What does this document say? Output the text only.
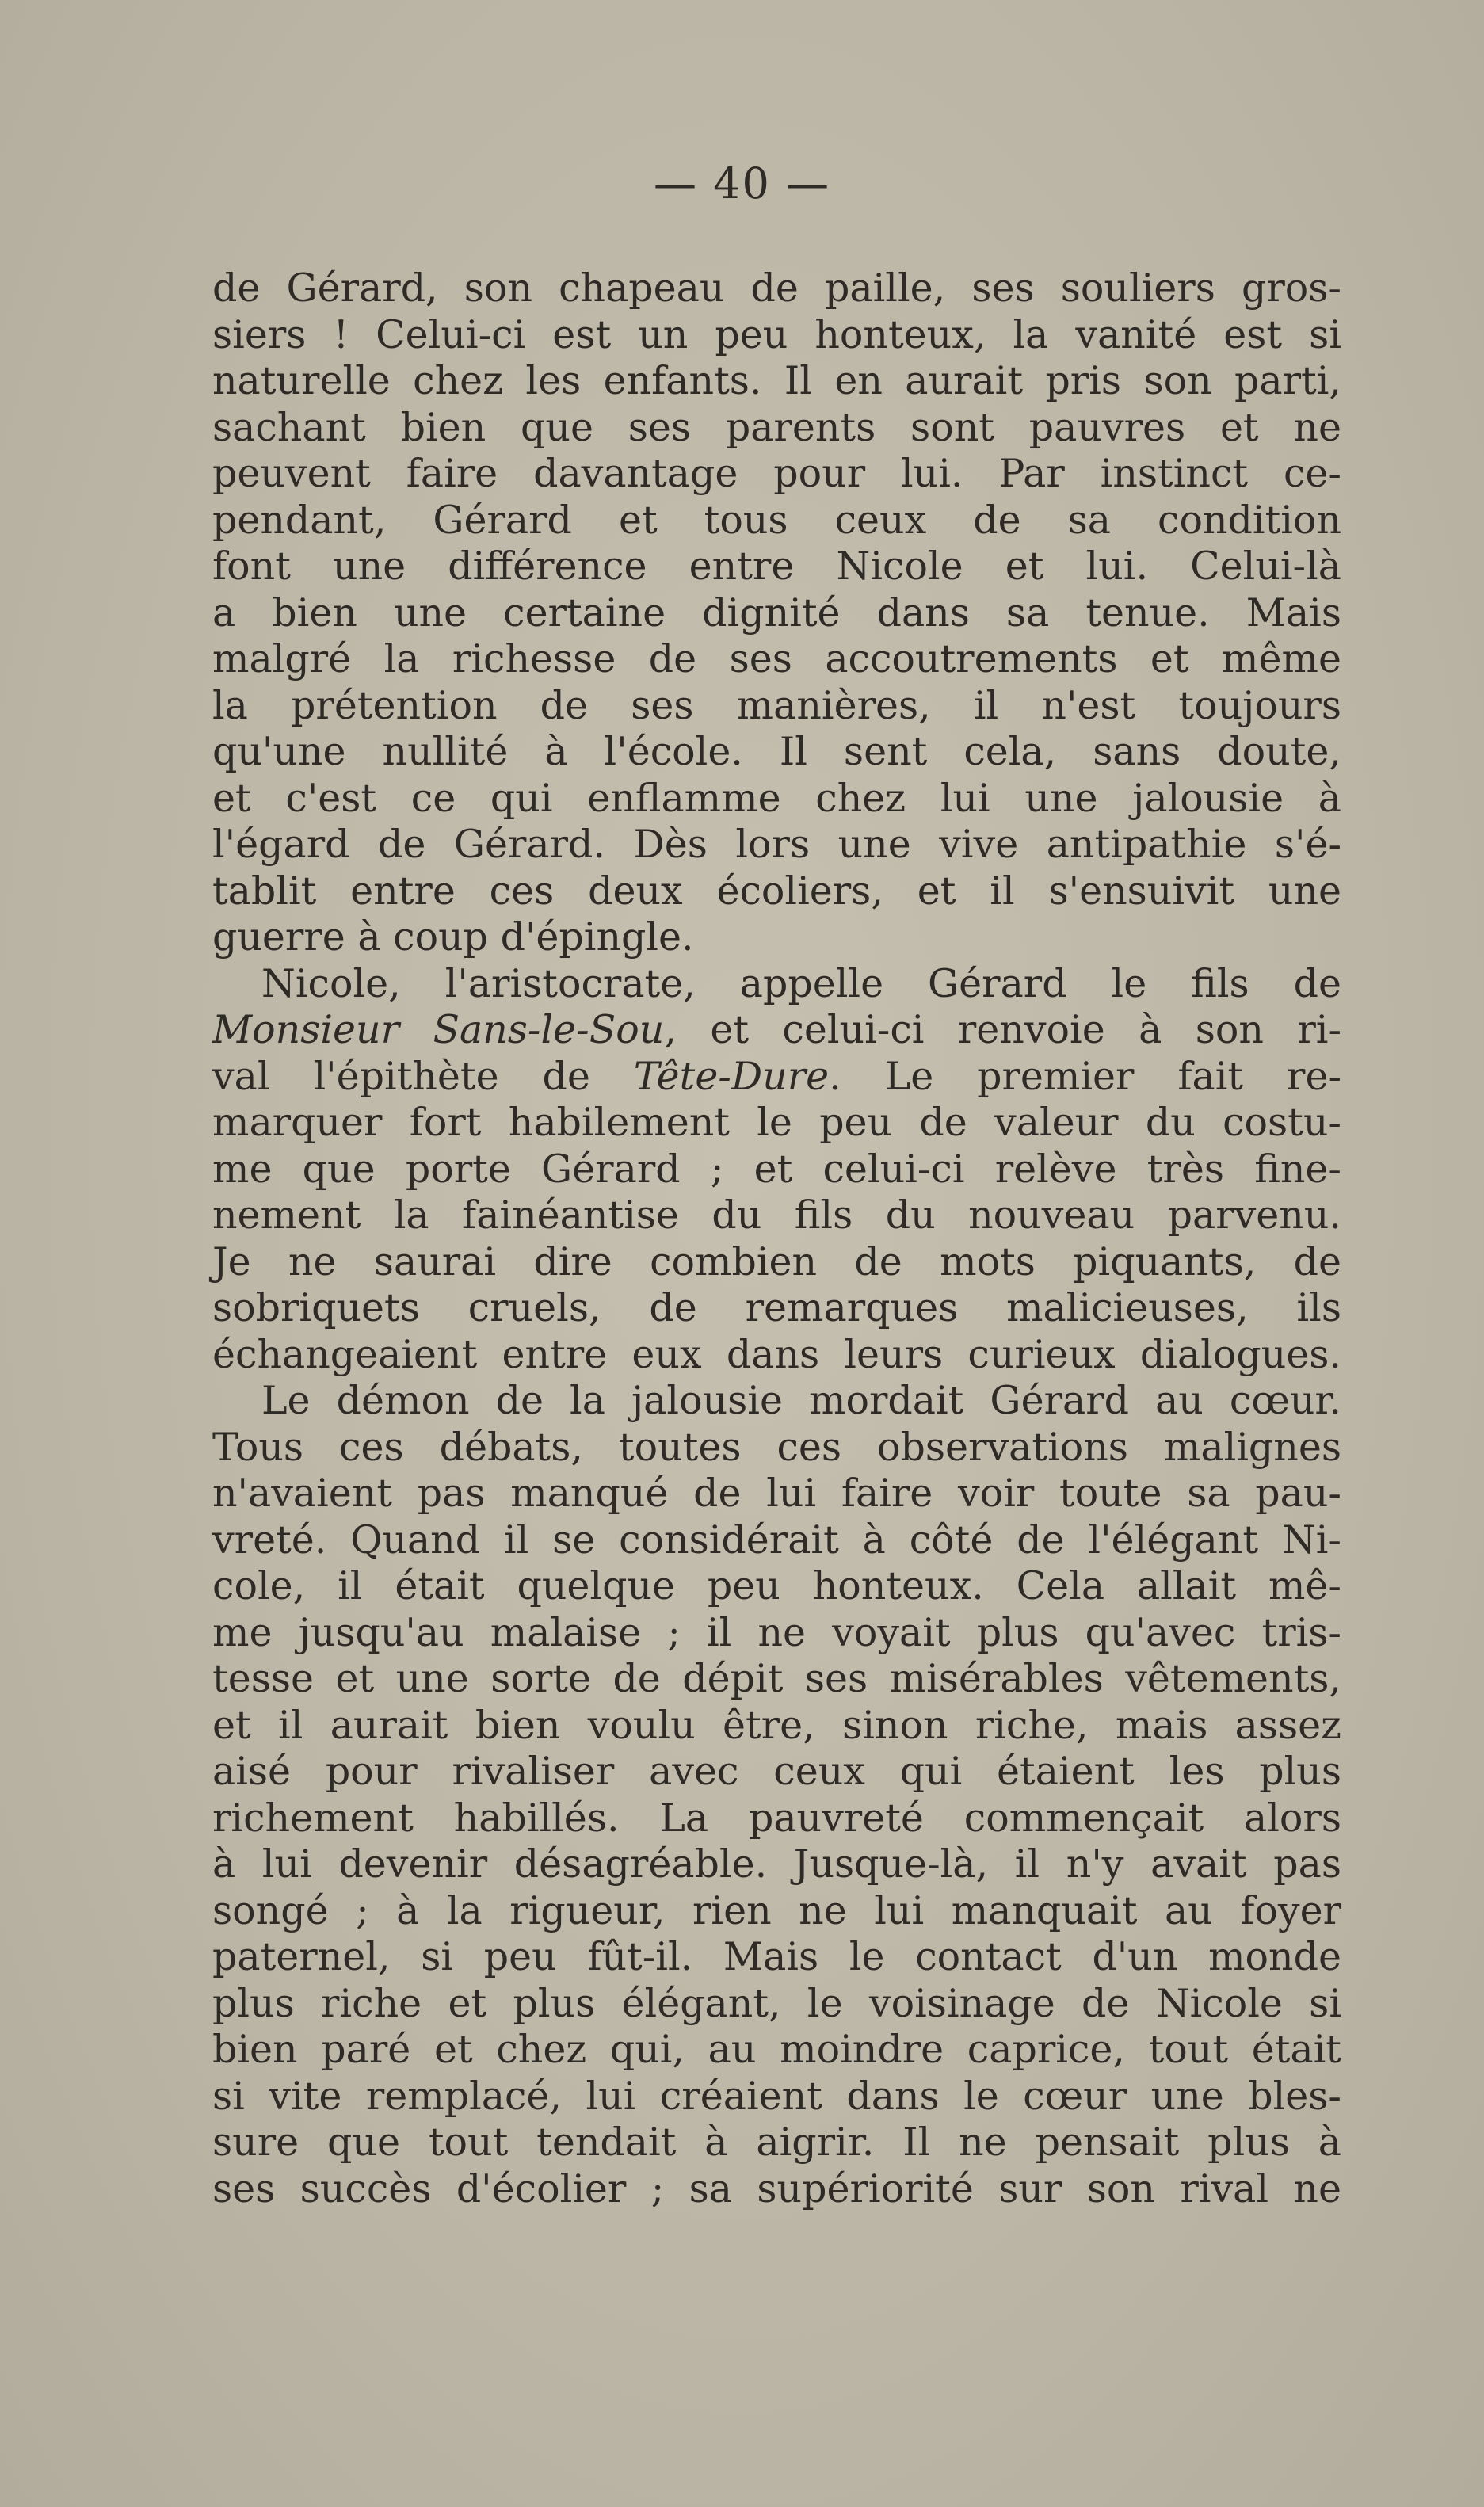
— 40 —
de Gérard, son chapeau de paille, ses souliers gros-
siers ! Celui-ci est un peu honteux, la vanité est si
naturelle chez les enfants. Il en aurait pris son parti,
sachant bien que ses parents sont pauvres et ne
peuvent faire davantage pour lui. Par instinct ce-
pendant, Gérard et tous ceux de sa condition
font une différence entre Nicole et lui. Celui-là
a bien une certaine dignité dans sa tenue. Mais
malgré la richesse de ses accoutrements et même
la prétention de ses manières, il n'est toujours
qu'une nullité à l'école. Il sent cela, sans doute,
et c'est ce qui enflamme chez lui une jalousie à
l'égard de Gérard. Dès lors une vive antipathie s'é-
tablit entre ces deux écoliers, et il s'ensuivit une
guerre à coup d'épingle.
Nicole, l'aristocrate, appelle Gérard le fils de
Monsieur Sans-le-Sou, et celui-ci renvoie à son ri-
val l'épithète de Tête-Dure. Le premier fait re-
marquer fort habilement le peu de valeur du costu-
me que porte Gérard ; et celui-ci relève très fine-
nement la fainéantise du fils du nouveau parvenu.
Je ne saurai dire combien de mots piquants, de
sobriquets cruels, de remarques malicieuses, ils
échangeaient entre eux dans leurs curieux dialogues.
Le démon de la jalousie mordait Gérard au cœur.
Tous ces débats, toutes ces observations malignes
n'avaient pas manqué de lui faire voir toute sa pau-
vreté. Quand il se considérait à côté de l'élégant Ni-
cole, il était quelque peu honteux. Cela allait mê-
me jusqu'au malaise ; il ne voyait plus qu'avec tris-
tesse et une sorte de dépit ses misérables vêtements,
et il aurait bien voulu être, sinon riche, mais assez
aisé pour rivaliser avec ceux qui étaient les plus
richement habillés. La pauvreté commençait alors
à lui devenir désagréable. Jusque-là, il n'y avait pas
songé ; à la rigueur, rien ne lui manquait au foyer
paternel, si peu fût-il. Mais le contact d'un monde
plus riche et plus élégant, le voisinage de Nicole si
bien paré et chez qui, au moindre caprice, tout était
si vite remplacé, lui créaient dans le cœur une bles-
sure que tout tendait à aigrir. Il ne pensait plus à
ses succès d'écolier ; sa supériorité sur son rival ne
